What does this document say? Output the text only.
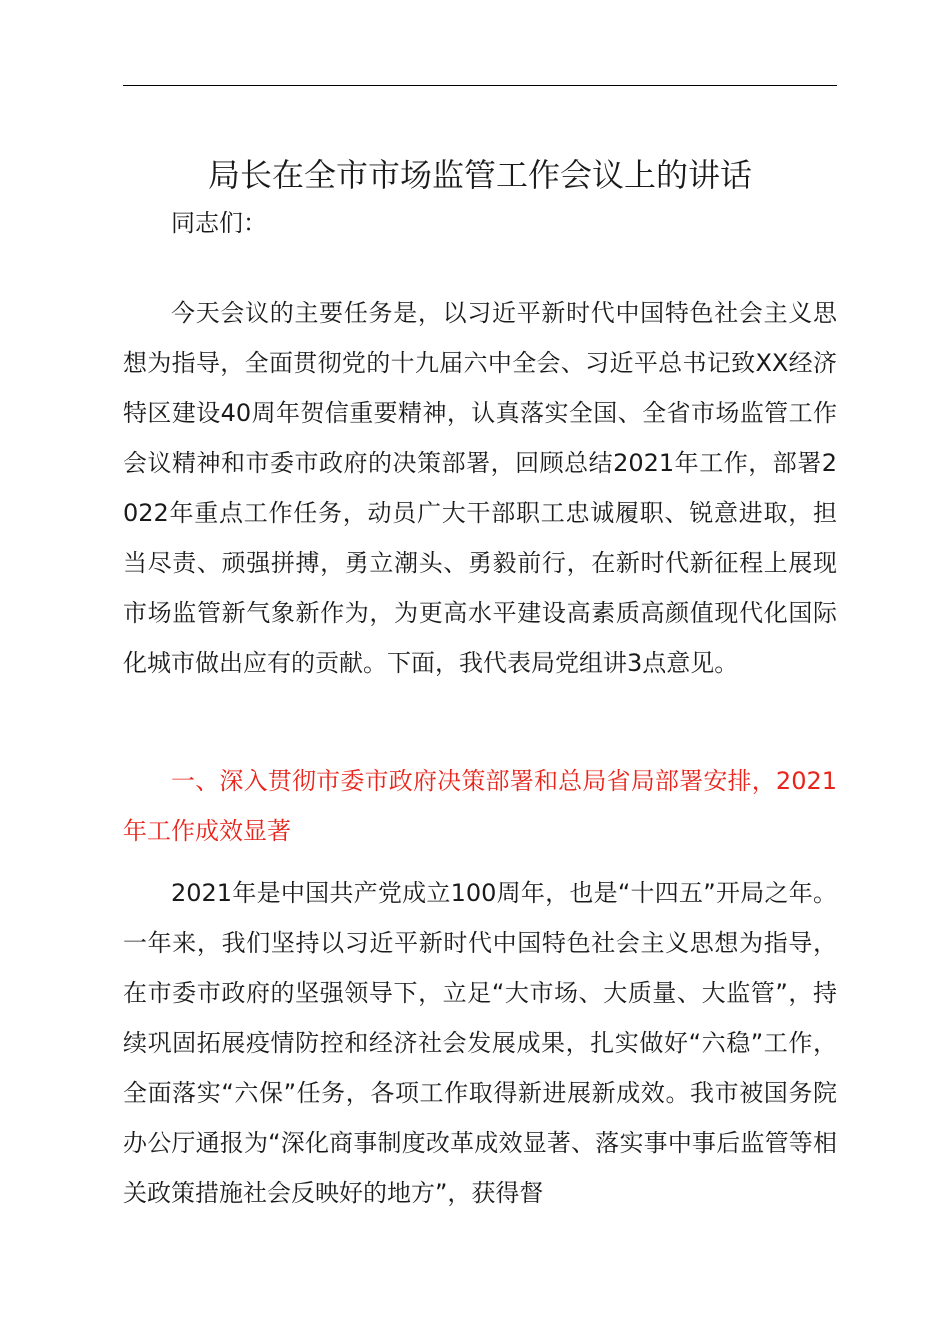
局长在全市市场监管工作会议上的讲话

同志们：

今天会议的主要任务是，以习近平新时代中国特色社会主义思想为指导，全面贯彻党的十九届六中全会、习近平总书记致XX经济特区建设40周年贺信重要精神，认真落实全国、全省市场监管工作会议精神和市委市政府的决策部署，回顾总结2021年工作，部署2022年重点工作任务，动员广大干部职工忠诚履职、锐意进取，担当尽责、顽强拼搏，勇立潮头、勇毅前行，在新时代新征程上展现市场监管新气象新作为，为更高水平建设高素质高颜值现代化国际化城市做出应有的贡献。下面，我代表局党组讲3点意见。

一、深入贯彻市委市政府决策部署和总局省局部署安排，2021年工作成效显著

2021年是中国共产党成立100周年，也是“十四五”开局之年。一年来，我们坚持以习近平新时代中国特色社会主义思想为指导，在市委市政府的坚强领导下，立足“大市场、大质量、大监管”，持续巩固拓展疫情防控和经济社会发展成果，扎实做好“六稳”工作，全面落实“六保”任务，各项工作取得新进展新成效。我市被国务院办公厅通报为“深化商事制度改革成效显著、落实事中事后监管等相关政策措施社会反映好的地方”，获得督
